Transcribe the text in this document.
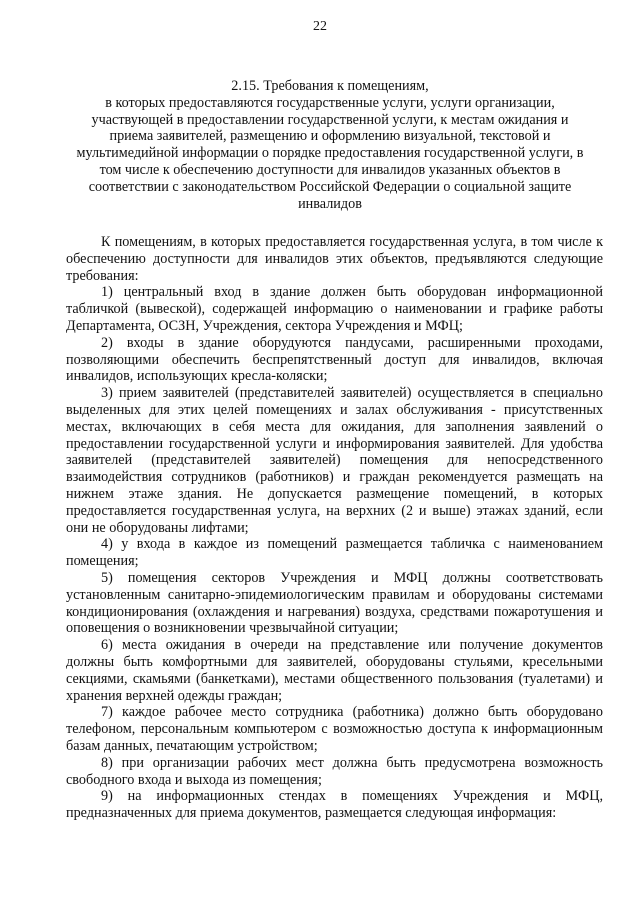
22
2.15. Требования к помещениям,
в которых предоставляются государственные услуги, услуги организации,
участвующей в предоставлении государственной услуги, к местам ожидания и
приема заявителей, размещению и оформлению визуальной, текстовой и
мультимедийной информации о порядке предоставления государственной услуги, в
том числе к обеспечению доступности для инвалидов указанных объектов в
соответствии с законодательством Российской Федерации о социальной защите
инвалидов

К помещениям, в которых предоставляется государственная услуга, в том числе к обеспечению доступности для инвалидов этих объектов, предъявляются следующие требования:

1) центральный вход в здание должен быть оборудован информационной табличкой (вывеской), содержащей информацию о наименовании и графике работы Департамента, ОСЗН, Учреждения, сектора Учреждения и МФЦ;

2) входы в здание оборудуются пандусами, расширенными проходами, позволяющими обеспечить беспрепятственный доступ для инвалидов, включая инвалидов, использующих кресла-коляски;

3) прием заявителей (представителей заявителей) осуществляется в специально выделенных для этих целей помещениях и залах обслуживания - присутственных местах, включающих в себя места для ожидания, для заполнения заявлений о предоставлении государственной услуги и информирования заявителей. Для удобства заявителей (представителей заявителей) помещения для непосредственного взаимодействия сотрудников (работников) и граждан рекомендуется размещать на нижнем этаже здания. Не допускается размещение помещений, в которых предоставляется государственная услуга, на верхних (2 и выше) этажах зданий, если они не оборудованы лифтами;

4) у входа в каждое из помещений размещается табличка с наименованием помещения;

5) помещения секторов Учреждения и МФЦ должны соответствовать установленным санитарно-эпидемиологическим правилам и оборудованы системами кондиционирования (охлаждения и нагревания) воздуха, средствами пожаротушения и оповещения о возникновении чрезвычайной ситуации;

6) места ожидания в очереди на представление или получение документов должны быть комфортными для заявителей, оборудованы стульями, кресельными секциями, скамьями (банкетками), местами общественного пользования (туалетами) и хранения верхней одежды граждан;

7) каждое рабочее место сотрудника (работника) должно быть оборудовано телефоном, персональным компьютером с возможностью доступа к информационным базам данных, печатающим устройством;

8) при организации рабочих мест должна быть предусмотрена возможность свободного входа и выхода из помещения;

9) на информационных стендах в помещениях Учреждения и МФЦ, предназначенных для приема документов, размещается следующая информация:
